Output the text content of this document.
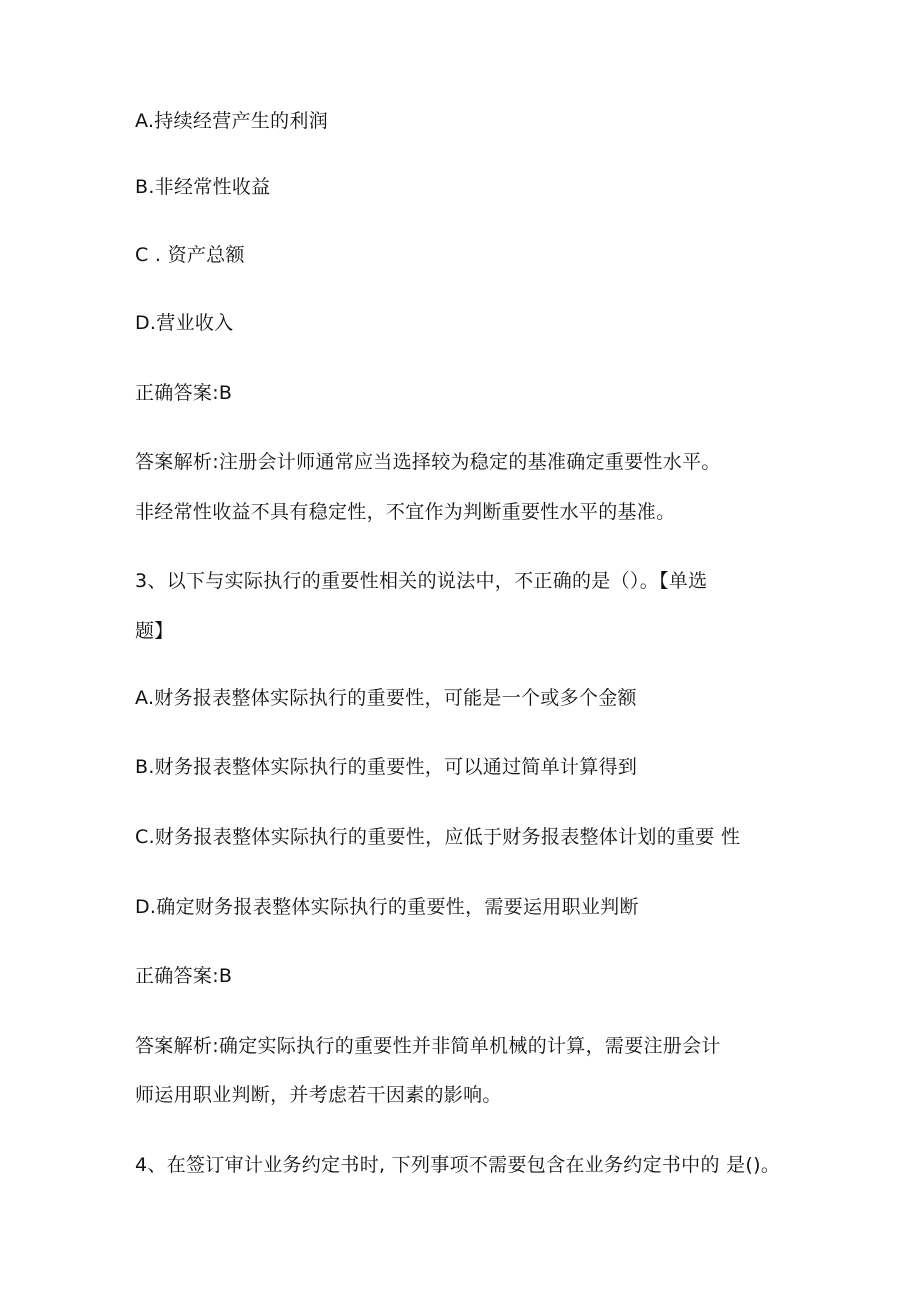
A.持续经营产生的利润
B.非经常性收益
C . 资产总额
D.营业收入
正确答案:B
答案解析:注册会计师通常应当选择较为稳定的基准确定重要性水平。
非经常性收益不具有稳定性，不宜作为判断重要性水平的基准。
3、以下与实际执行的重要性相关的说法中，不正确的是（）。【单选
题】
A.财务报表整体实际执行的重要性，可能是一个或多个金额
B.财务报表整体实际执行的重要性，可以通过简单计算得到
C.财务报表整体实际执行的重要性，应低于财务报表整体计划的重要 性
D.确定财务报表整体实际执行的重要性，需要运用职业判断
正确答案:B
答案解析:确定实际执行的重要性并非简单机械的计算，需要注册会计
师运用职业判断，并考虑若干因素的影响。
4、在签订审计业务约定书时, 下列事项不需要包含在业务约定书中的 是()。
